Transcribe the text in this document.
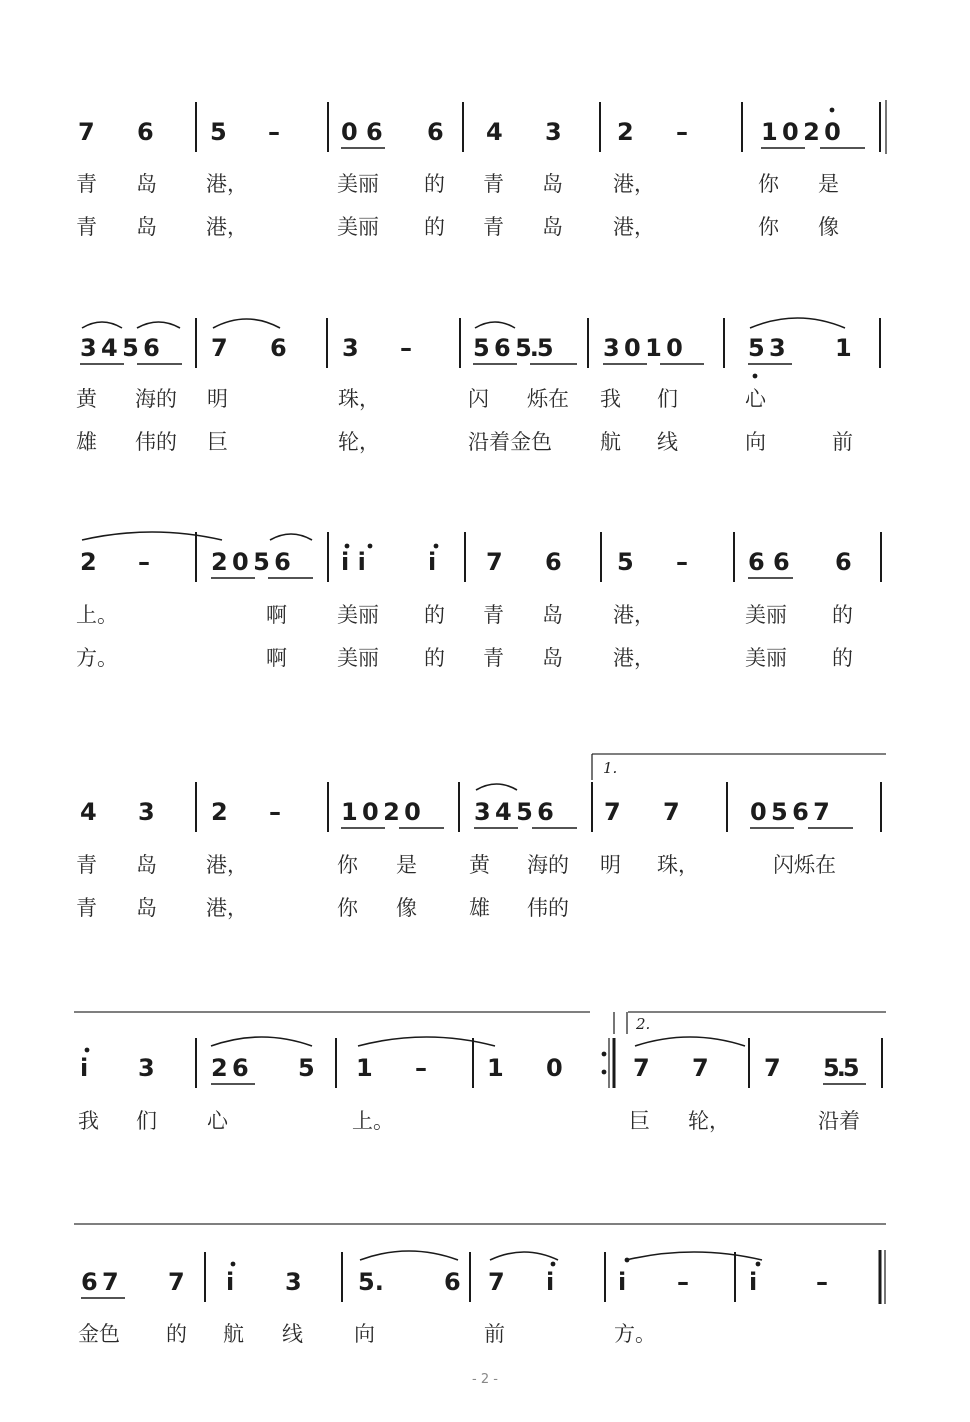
7 6 5 –	0 6 6 4 3 2 –	1 0 2 0
青 岛 港，	美丽 的 青 岛 港，	你 是
青 岛 港，	美丽 的 青 岛 港，	你 像
3 4 5 6 7 6 3 –	5 6 5.5 3 0 1 0	5 3 1
黄 海的 明	珠，	闪 烁在 我 们	心
雄 伟的 巨	轮，	沿着金色 航 线	向	前
2 –	2 0 5 6 i i	i 7 6 5 –	6 6 6
上。	啊 美丽 的 青 岛 港，	美丽 的
方。	啊 美丽 的 青 岛 港，	美丽 的
1.
4 3 2 –	1 0 2 0 3 4 5 6 7 7	0 5 6 7
青 岛 港，	你 是 黄 海的 明 珠，	闪烁在
青 岛 港，	你 像 雄 伟的
2.
i 3 2 6 5 1 –	1 0	7 7 7 5.5
我 们 心	上。	巨 轮，	沿着
6 7 7 i 3 5.	6 7 i	i –	i –
金色 的 航 线 向	前	方。
- 2 -
